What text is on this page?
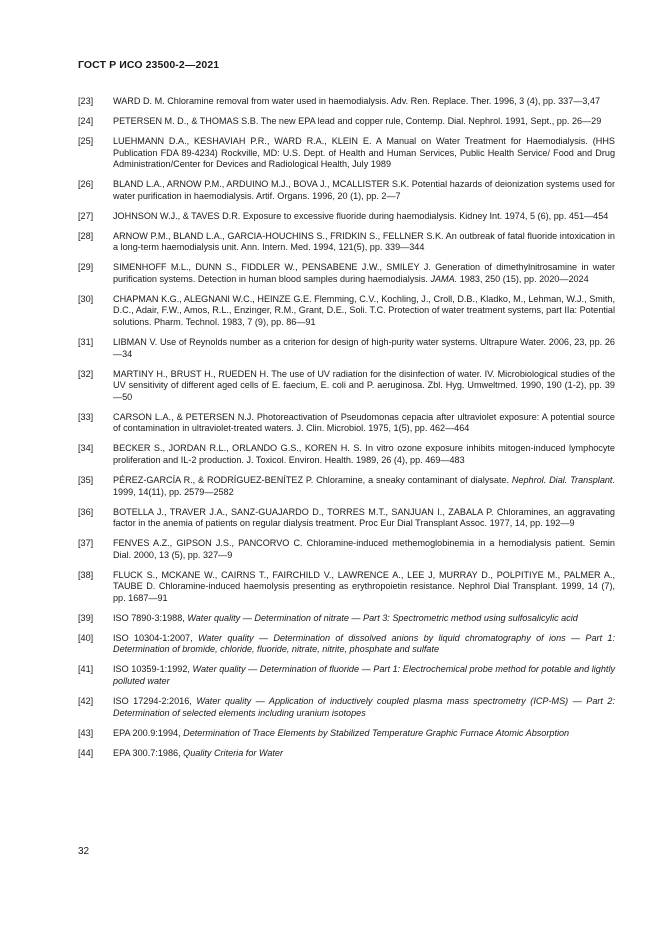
ГОСТ Р ИСО 23500-2—2021
[23] WARD D. M. Chloramine removal from water used in haemodialysis. Adv. Ren. Replace. Ther. 1996, 3 (4), pp. 337—3,47
[24] PETERSEN M. D., & THOMAS S.B. The new EPA lead and copper rule, Contemp. Dial. Nephrol. 1991, Sept., pp. 26—29
[25] LUEHMANN D.A., KESHAVIAH P.R., WARD R.A., KLEIN E. A Manual on Water Treatment for Haemodialysis. (HHS Publication FDA 89-4234) Rockville, MD: U.S. Dept. of Health and Human Services, Public Health Service/ Food and Drug Administration/Center for Devices and Radiological Health, July 1989
[26] BLAND L.A., ARNOW P.M., ARDUINO M.J., BOVA J., MCALLISTER S.K. Potential hazards of deionization systems used for water purification in haemodialysis. Artif. Organs. 1996, 20 (1), pp. 2—7
[27] JOHNSON W.J., & TAVES D.R. Exposure to excessive fluoride during haemodialysis. Kidney Int. 1974, 5 (6), pp. 451—454
[28] ARNOW P.M., BLAND L.A., GARCIA-HOUCHINS S., FRIDKIN S., FELLNER S.K. An outbreak of fatal fluoride intoxication in a long-term haemodialysis unit. Ann. Intern. Med. 1994, 121(5), pp. 339—344
[29] SIMENHOFF M.L., DUNN S., FIDDLER W., PENSABENE J.W., SMILEY J. Generation of dimethylnitrosamine in water purification systems. Detection in human blood samples during haemodialysis. JAMA. 1983, 250 (15), pp. 2020—2024
[30] CHAPMAN K.G., ALEGNANI W.C., HEINZE G.E. Flemming, C.V., Kochling, J., Croll, D.B., Kladko, M., Lehman, W.J., Smith, D.C., Adair, F.W., Amos, R.L., Enzinger, R.M., Grant, D.E., Soli. T.C. Protection of water treatment systems, part IIa: Potential solutions. Pharm. Technol. 1983, 7 (9), pp. 86—91
[31] LIBMAN V. Use of Reynolds number as a criterion for design of high-purity water systems. Ultrapure Water. 2006, 23, pp. 26—34
[32] MARTINY H., BRUST H., RUEDEN H. The use of UV radiation for the disinfection of water. IV. Microbiological studies of the UV sensitivity of different aged cells of E. faecium, E. coli and P. aeruginosa. Zbl. Hyg. Umweltmed. 1990, 190 (1-2), pp. 39—50
[33] CARSON L.A., & PETERSEN N.J. Photoreactivation of Pseudomonas cepacia after ultraviolet exposure: A potential source of contamination in ultraviolet-treated waters. J. Clin. Microbiol. 1975, 1(5), pp. 462—464
[34] BECKER S., JORDAN R.L., ORLANDO G.S., KOREN H. S. In vitro ozone exposure inhibits mitogen-induced lymphocyte proliferation and IL-2 production. J. Toxicol. Environ. Health. 1989, 26 (4), pp. 469—483
[35] PÉREZ-GARCÍA R., & RODRÍGUEZ-BENÍTEZ P. Chloramine, a sneaky contaminant of dialysate. Nephrol. Dial. Transplant. 1999, 14(11), pp. 2579—2582
[36] BOTELLA J., TRAVER J.A., SANZ-GUAJARDO D., TORRES M.T., SANJUAN I., ZABALA P. Chloramines, an aggravating factor in the anemia of patients on regular dialysis treatment. Proc Eur Dial Transplant Assoc. 1977, 14, pp. 192—9
[37] FENVES A.Z., GIPSON J.S., PANCORVO C. Chloramine-induced methemoglobinemia in a hemodialysis patient. Semin Dial. 2000, 13 (5), pp. 327—9
[38] FLUCK S., MCKANE W., CAIRNS T., FAIRCHILD V., LAWRENCE A., LEE J, MURRAY D., POLPITIYE M., PALMER A., TAUBE D. Chloramine-induced haemolysis presenting as erythropoietin resistance. Nephrol Dial Transplant. 1999, 14 (7), pp. 1687—91
[39] ISO 7890-3:1988, Water quality — Determination of nitrate — Part 3: Spectrometric method using sulfosalicylic acid
[40] ISO 10304-1:2007, Water quality — Determination of dissolved anions by liquid chromatography of ions — Part 1: Determination of bromide, chloride, fluoride, nitrate, nitrite, phosphate and sulfate
[41] ISO 10359-1:1992, Water quality — Determination of fluoride — Part 1: Electrochemical probe method for potable and lightly polluted water
[42] ISO 17294-2:2016, Water quality — Application of inductively coupled plasma mass spectrometry (ICP-MS) — Part 2: Determination of selected elements including uranium isotopes
[43] EPA 200.9:1994, Determination of Trace Elements by Stabilized Temperature Graphic Furnace Atomic Absorption
[44] EPA 300.7:1986, Quality Criteria for Water
32
